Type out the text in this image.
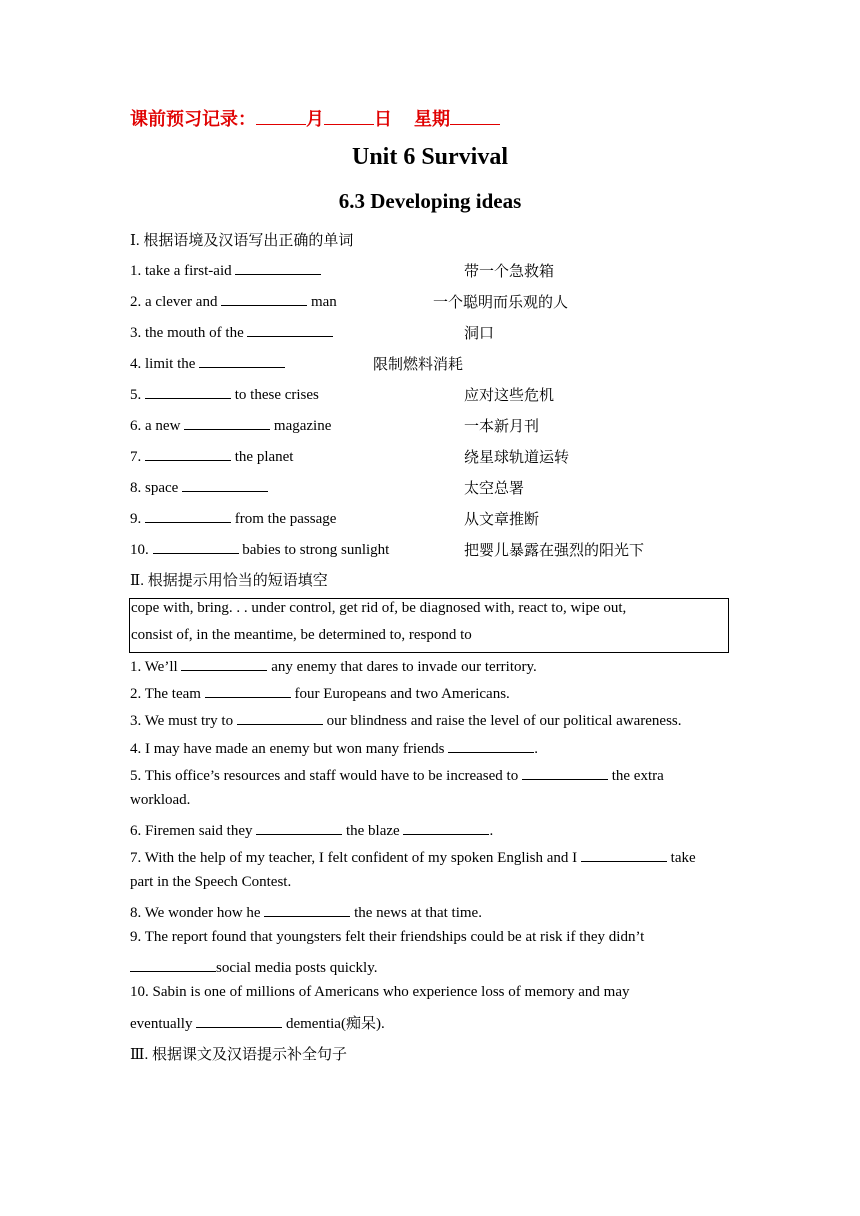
课前预习记录：	月	日 星期
Unit 6 Survival
6.3 Developing ideas
Ⅰ. 根据语境及汉语写出正确的单词
1. take a first-aid	带一个急救箱
2. a clever and	man	一个聪明而乐观的人
3. the mouth of the	洞口
4. limit the	限制燃料消耗
5.	to these crises	应对这些危机
6. a new	magazine	一本新月刊
7.	the planet	绕星球轨道运转
8. space	太空总署
9.	from the passage	从文章推断
10.	babies to strong sunlight	把婴儿暴露在强烈的阳光下
Ⅱ. 根据提示用恰当的短语填空
cope with, bring. . . under control, get rid of, be diagnosed with, react to, wipe out,
consist of, in the meantime, be determined to, respond to
1. We’ll	any enemy that dares to invade our territory.
2. The team	four Europeans and two Americans.
3. We must try to	our blindness and raise the level of our political awareness.
4. I may have made an enemy but won many friends	.
5. This office’s resources and staff would have to be increased to	the extra
workload.
6. Firemen said they	the blaze	.
7. With the help of my teacher, I felt confident of my spoken English and I	take
part in the Speech Contest.
8. We wonder how he	the news at that time.
9. The report found that youngsters felt their friendships could be at risk if they didn’t
social media posts quickly.
10. Sabin is one of millions of Americans who experience loss of memory and may
eventually	dementia(痴呆).
Ⅲ. 根据课文及汉语提示补全句子
